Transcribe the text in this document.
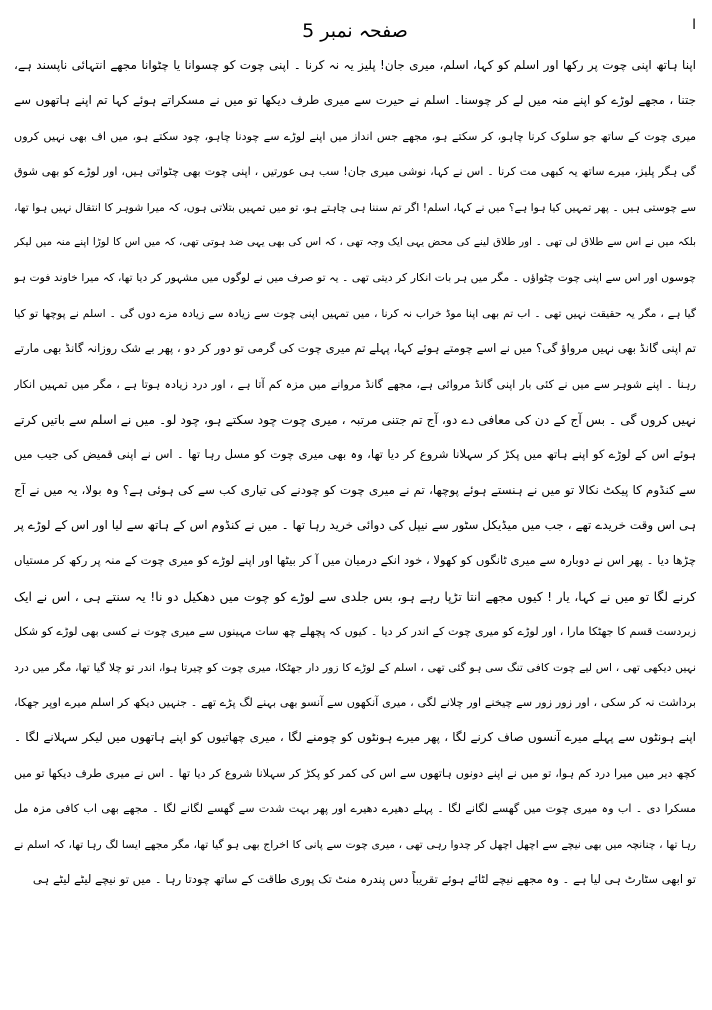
ا
صفحہ نمبر 5
اپنا ہاتھ اپنی چوت پر رکھا اور اسلم کو کہا، اسلم، میری جان! پلیز یہ نہ کرنا ۔ اپنی چوت کو چسوانا یا چٹوانا مجھے انتہائی ناپسند ہے،
جتنا ، مجھے لوڑے کو اپنے منہ میں لے کر چوسنا۔ اسلم نے حیرت سے میری طرف دیکھا تو میں نے مسکراتے ہوئے کہا تم اپنے ہاتھوں سے
میری چوت کے ساتھ جو سلوک کرنا چاہو، کر سکتے ہو، مجھے جس انداز میں اپنے لوڑے سے چودنا چاہو، چود سکتے ہو، میں اف بھی نہیں کروں
گی ہگر پلیز، میرے ساتھ یہ کبھی مت کرنا ۔ اس نے کہا، نوشی میری جان! سب ہی عورتیں ، اپنی چوت بھی چٹواتی ہیں، اور لوڑے کو بھی شوق
سے چوستی ہیں ۔ پھر تمہیں کیا ہوا ہے؟ میں نے کہا، اسلم! اگر تم سننا ہی چاہتے ہو، تو میں تمہیں بتلاتی ہوں، کہ میرا شوہر کا انتقال نہیں ہوا تھا،
بلکہ میں نے اس سے طلاق لی تھی ۔ اور طلاق لینے کی محض یہی ایک وجہ تھی ، کہ اس کی بھی یہی ضد ہوتی تھی، کہ میں اس کا لوڑا اپنے منہ میں لیکر
چوسوں اور اس سے اپنی چوت چٹواؤں ۔ مگر میں ہر بات انکار کر دیتی تھی ۔ یہ تو صرف میں نے لوگوں میں مشہور کر دیا تھا، کہ میرا خاوند فوت ہو
گیا ہے ، مگر یہ حقیقت نہیں تھی ۔ اب تم بھی اپنا موڈ خراب نہ کرنا ، میں تمہیں اپنی چوت سے زیادہ سے زیادہ مزے دوں گی ۔ اسلم نے پوچھا تو کیا
تم اپنی گانڈ بھی نہیں مرواؤ گی؟ میں نے اسے چومتے ہوئے کہا، پہلے تم میری چوت کی گرمی تو دور کر دو ، پھر بے شک روزانہ گانڈ بھی مارتے
رہنا ۔ اپنے شوہر سے میں نے کئی بار اپنی گانڈ مروائی ہے، مجھے گانڈ مروانے میں مزہ کم آتا ہے ، اور درد زیادہ ہوتا ہے ، مگر میں تمہیں انکار
نہیں کروں گی ۔ بس آج کے دن کی معافی دے دو، آج تم جتنی مرتبہ ، میری چوت چود سکتے ہو، چود لو۔ میں نے اسلم سے باتیں کرتے
ہوئے اس کے لوڑے کو اپنے ہاتھ میں پکڑ کر سہلانا شروع کر دیا تھا، وہ بھی میری چوت کو مسل رہا تھا ۔ اس نے اپنی قمیض کی جیب میں
سے کنڈوم کا پیکٹ نکالا تو میں نے ہنستے ہوئے پوچھا، تم نے میری چوت کو چودنے کی تیاری کب سے کی ہوئی ہے؟ وہ بولا، یہ میں نے آج
ہی اس وقت خریدے تھے ، جب میں میڈیکل سٹور سے نیپل کی دوائی خرید رہا تھا ۔ میں نے کنڈوم اس کے ہاتھ سے لیا اور اس کے لوڑے پر
چڑھا دیا ۔ پھر اس نے دوبارہ سے میری ٹانگوں کو کھولا ، خود انکے درمیان میں آ کر بیٹھا اور اپنے لوڑے کو میری چوت کے منہ پر رکھ کر مستیاں
کرنے لگا تو میں نے کہا، یار ! کیوں مجھے انتا تڑپا رہے ہو، بس جلدی سے لوڑے کو چوت میں دھکیل دو نا! یہ سنتے ہی ، اس نے ایک
زبردست قسم کا جھٹکا مارا ، اور لوڑے کو میری چوت کے اندر کر دیا ۔ کیوں کہ پچھلے چھ سات مہینوں سے میری چوت نے کسی بھی لوڑے کو شکل
نہیں دیکھی تھی ، اس لیے چوت کافی تنگ سی ہو گئی تھی ، اسلم کے لوڑے کا زور دار جھٹکا، میری چوت کو چیرتا ہوا، اندر تو چلا گیا تھا، مگر میں درد
برداشت نہ کر سکی ، اور زور زور سے چیخنے اور چلانے لگی ، میری آنکھوں سے آنسو بھی بہنے لگ پڑے تھے ۔ جنہیں دیکھ کر اسلم میرے اوپر جھکا،
اپنے ہونٹوں سے پہلے میرے آنسوں صاف کرنے لگا ، پھر میرے ہونٹوں کو چومنے لگا ، میری چھاتیوں کو اپنے ہاتھوں میں لیکر سہلانے لگا ۔
کچھ دیر میں میرا درد کم ہوا، تو میں نے اپنے دونوں ہاتھوں سے اس کی کمر کو پکڑ کر سہلانا شروع کر دیا تھا ۔ اس نے میری طرف دیکھا تو میں
مسکرا دی ۔ اب وہ میری چوت میں گھسے لگانے لگا ۔ پہلے دھیرے دھیرے اور پھر بہت شدت سے گھسے لگانے لگا ۔ مجھے بھی اب کافی مزہ مل
رہا تھا ، چنانچہ میں بھی نیچے سے اچھل اچھل کر چدوا رہی تھی ، میری چوت سے پانی کا اخراج بھی ہو گیا تھا، مگر مجھے ایسا لگ رہا تھا، کہ اسلم نے
تو ابھی سٹارٹ ہی لیا ہے ۔ وہ مجھے نیچے لٹائے ہوئے تقریباً دس پندرہ منٹ تک پوری طاقت کے ساتھ چودتا رہا ۔ میں تو نیچے لیٹے لیٹے ہی
